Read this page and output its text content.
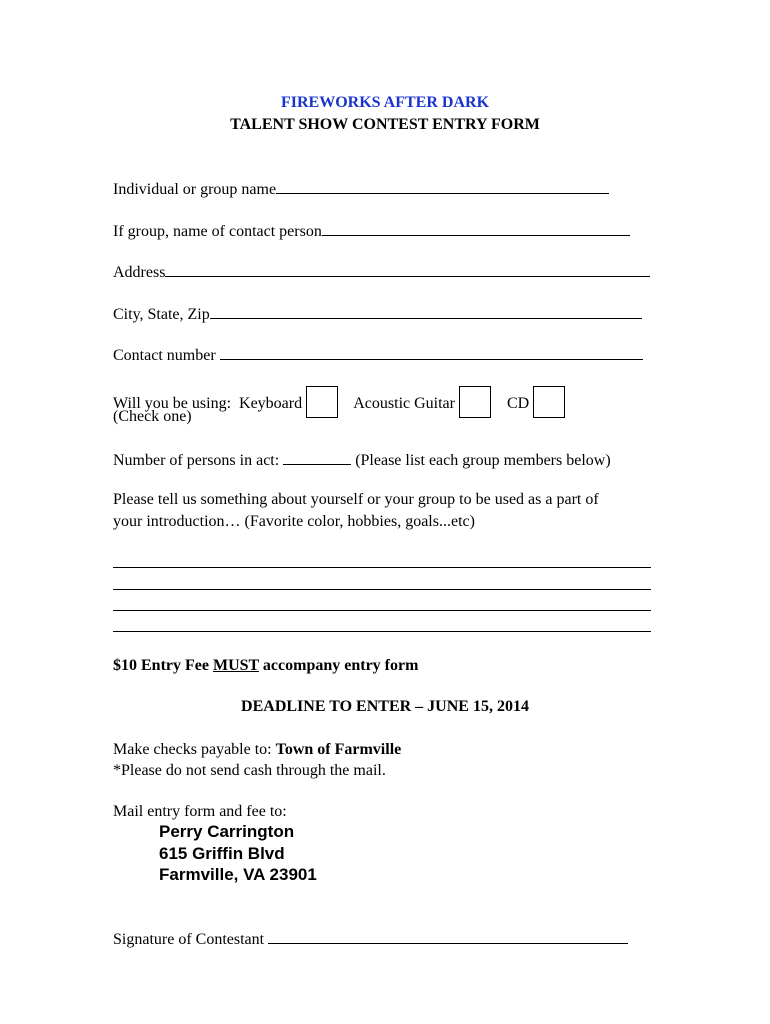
FIREWORKS AFTER DARK
TALENT SHOW CONTEST ENTRY FORM
Individual or group name
If group, name of contact person
Address
City, State, Zip
Contact number
Will you be using: Keyboard	Acoustic Guitar	CD
(Check one)
Number of persons in act:	(Please list each group members below)
Please tell us something about yourself or your group to be used as a part of
your introduction… (Favorite color, hobbies, goals...etc)
$10 Entry Fee MUST accompany entry form
DEADLINE TO ENTER – JUNE 15, 2014
Make checks payable to: Town of Farmville
*Please do not send cash through the mail.
Mail entry form and fee to:
Perry Carrington
615 Griffin Blvd
Farmville, VA 23901
Signature of Contestant
